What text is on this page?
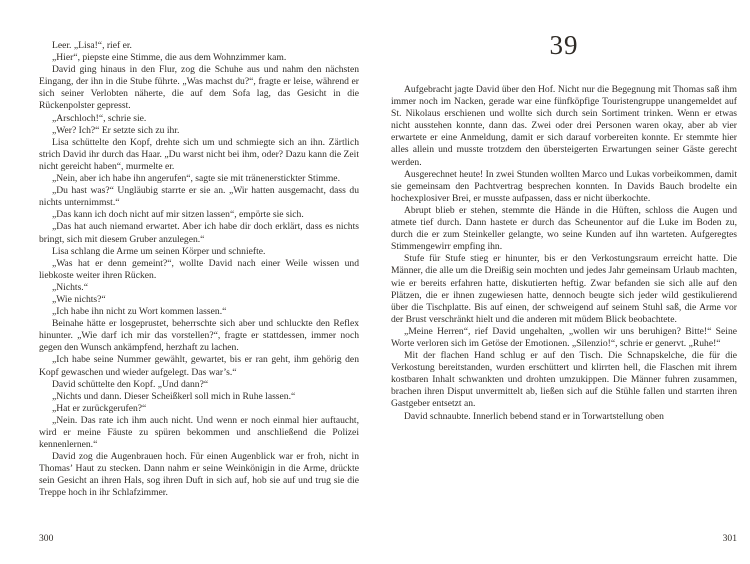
Leer. „Lisa!“, rief er.

„Hier“, piepste eine Stimme, die aus dem Wohnzimmer kam.

David ging hinaus in den Flur, zog die Schuhe aus und nahm den nächsten Eingang, der ihn in die Stube führte. „Was machst du?“, fragte er leise, während er sich seiner Verlobten näherte, die auf dem Sofa lag, das Gesicht in die Rückenpolster gepresst.

„Arschloch!“, schrie sie.

„Wer? Ich?“ Er setzte sich zu ihr.

Lisa schüttelte den Kopf, drehte sich um und schmiegte sich an ihn. Zärtlich strich David ihr durch das Haar. „Du warst nicht bei ihm, oder? Dazu kann die Zeit nicht gereicht haben“, murmelte er.

„Nein, aber ich habe ihn angerufen“, sagte sie mit tränenerstickter Stimme.

„Du hast was?“ Ungläubig starrte er sie an. „Wir hatten ausgemacht, dass du nichts unternimmst.“

„Das kann ich doch nicht auf mir sitzen lassen“, empörte sie sich.

„Das hat auch niemand erwartet. Aber ich habe dir doch erklärt, dass es nichts bringt, sich mit diesem Gruber anzulegen.“

Lisa schlang die Arme um seinen Körper und schniefte.

„Was hat er denn gemeint?“, wollte David nach einer Weile wissen und liebkoste weiter ihren Rücken.

„Nichts.“

„Wie nichts?“

„Ich habe ihn nicht zu Wort kommen lassen.“

Beinahe hätte er losgeprustet, beherrschte sich aber und schluckte den Reflex hinunter. „Wie darf ich mir das vorstellen?“, fragte er stattdessen, immer noch gegen den Wunsch ankämpfend, herzhaft zu lachen.

„Ich habe seine Nummer gewählt, gewartet, bis er ran geht, ihm gehörig den Kopf gewaschen und wieder aufgelegt. Das war’s.“

David schüttelte den Kopf. „Und dann?“

„Nichts und dann. Dieser Scheißkerl soll mich in Ruhe lassen.“

„Hat er zurückgerufen?“

„Nein. Das rate ich ihm auch nicht. Und wenn er noch einmal hier auftaucht, wird er meine Fäuste zu spüren bekommen und anschließend die Polizei kennenlernen.“

David zog die Augenbrauen hoch. Für einen Augenblick war er froh, nicht in Thomas’ Haut zu stecken. Dann nahm er seine Weinkönigin in die Arme, drückte sein Gesicht an ihren Hals, sog ihren Duft in sich auf, hob sie auf und trug sie die Treppe hoch in ihr Schlafzimmer.

300
39

Aufgebracht jagte David über den Hof. Nicht nur die Begegnung mit Thomas saß ihm immer noch im Nacken, gerade war eine fünfköpfige Touristengruppe unangemeldet auf St. Nikolaus erschienen und wollte sich durch sein Sortiment trinken. Wenn er etwas nicht ausstehen konnte, dann das. Zwei oder drei Personen waren okay, aber ab vier erwartete er eine Anmeldung, damit er sich darauf vorbereiten konnte. Er stemmte hier alles allein und musste trotzdem den übersteigerten Erwartungen seiner Gäste gerecht werden.

Ausgerechnet heute! In zwei Stunden wollten Marco und Lukas vorbeikommen, damit sie gemeinsam den Pachtvertrag besprechen konnten. In Davids Bauch brodelte ein hochexplosiver Brei, er musste aufpassen, dass er nicht überkochte.

Abrupt blieb er stehen, stemmte die Hände in die Hüften, schloss die Augen und atmete tief durch. Dann hastete er durch das Scheunentor auf die Luke im Boden zu, durch die er zum Steinkeller gelangte, wo seine Kunden auf ihn warteten. Aufgeregtes Stimmengewirr empfing ihn.

Stufe für Stufe stieg er hinunter, bis er den Verkostungsraum erreicht hatte. Die Männer, die alle um die Dreißig sein mochten und jedes Jahr gemeinsam Urlaub machten, wie er bereits erfahren hatte, diskutierten heftig. Zwar befanden sie sich alle auf den Plätzen, die er ihnen zugewiesen hatte, dennoch beugte sich jeder wild gestikulierend über die Tischplatte. Bis auf einen, der schweigend auf seinem Stuhl saß, die Arme vor der Brust verschränkt hielt und die anderen mit müdem Blick beobachtete.

„Meine Herren“, rief David ungehalten, „wollen wir uns beruhigen? Bitte!“ Seine Worte verloren sich im Getöse der Emotionen. „Silenzio!“, schrie er genervt. „Ruhe!“

Mit der flachen Hand schlug er auf den Tisch. Die Schnapskelche, die für die Verkostung bereitstanden, wurden erschüttert und klirrten hell, die Flaschen mit ihrem kostbaren Inhalt schwankten und drohten umzukippen. Die Männer fuhren zusammen, brachen ihren Disput unvermittelt ab, ließen sich auf die Stühle fallen und starrten ihren Gastgeber entsetzt an.

David schnaubte. Innerlich bebend stand er in Torwartstellung oben

301
